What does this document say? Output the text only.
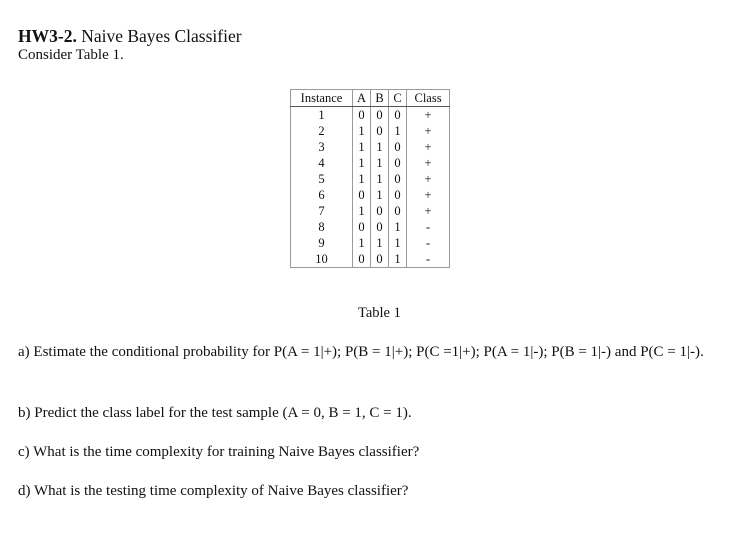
HW3-2. Naive Bayes Classifier
Consider Table 1.
Instance	A	B	C	Class
1	0	0	0	+
2	1	0	1	+
3	1	1	0	+
4	1	1	0	+
5	1	1	0	+
6	0	1	0	+
7	1	0	0	+
8	0	0	1	-
9	1	1	1	-
10	0	0	1	-
Table 1
a) Estimate the conditional probability for P(A = 1|+); P(B = 1|+); P(C =1|+); P(A = 1|-); P(B = 1|-) and P(C = 1|-).
b) Predict the class label for the test sample (A = 0, B = 1, C = 1).
c) What is the time complexity for training Naive Bayes classifier?
d) What is the testing time complexity of Naive Bayes classifier?
